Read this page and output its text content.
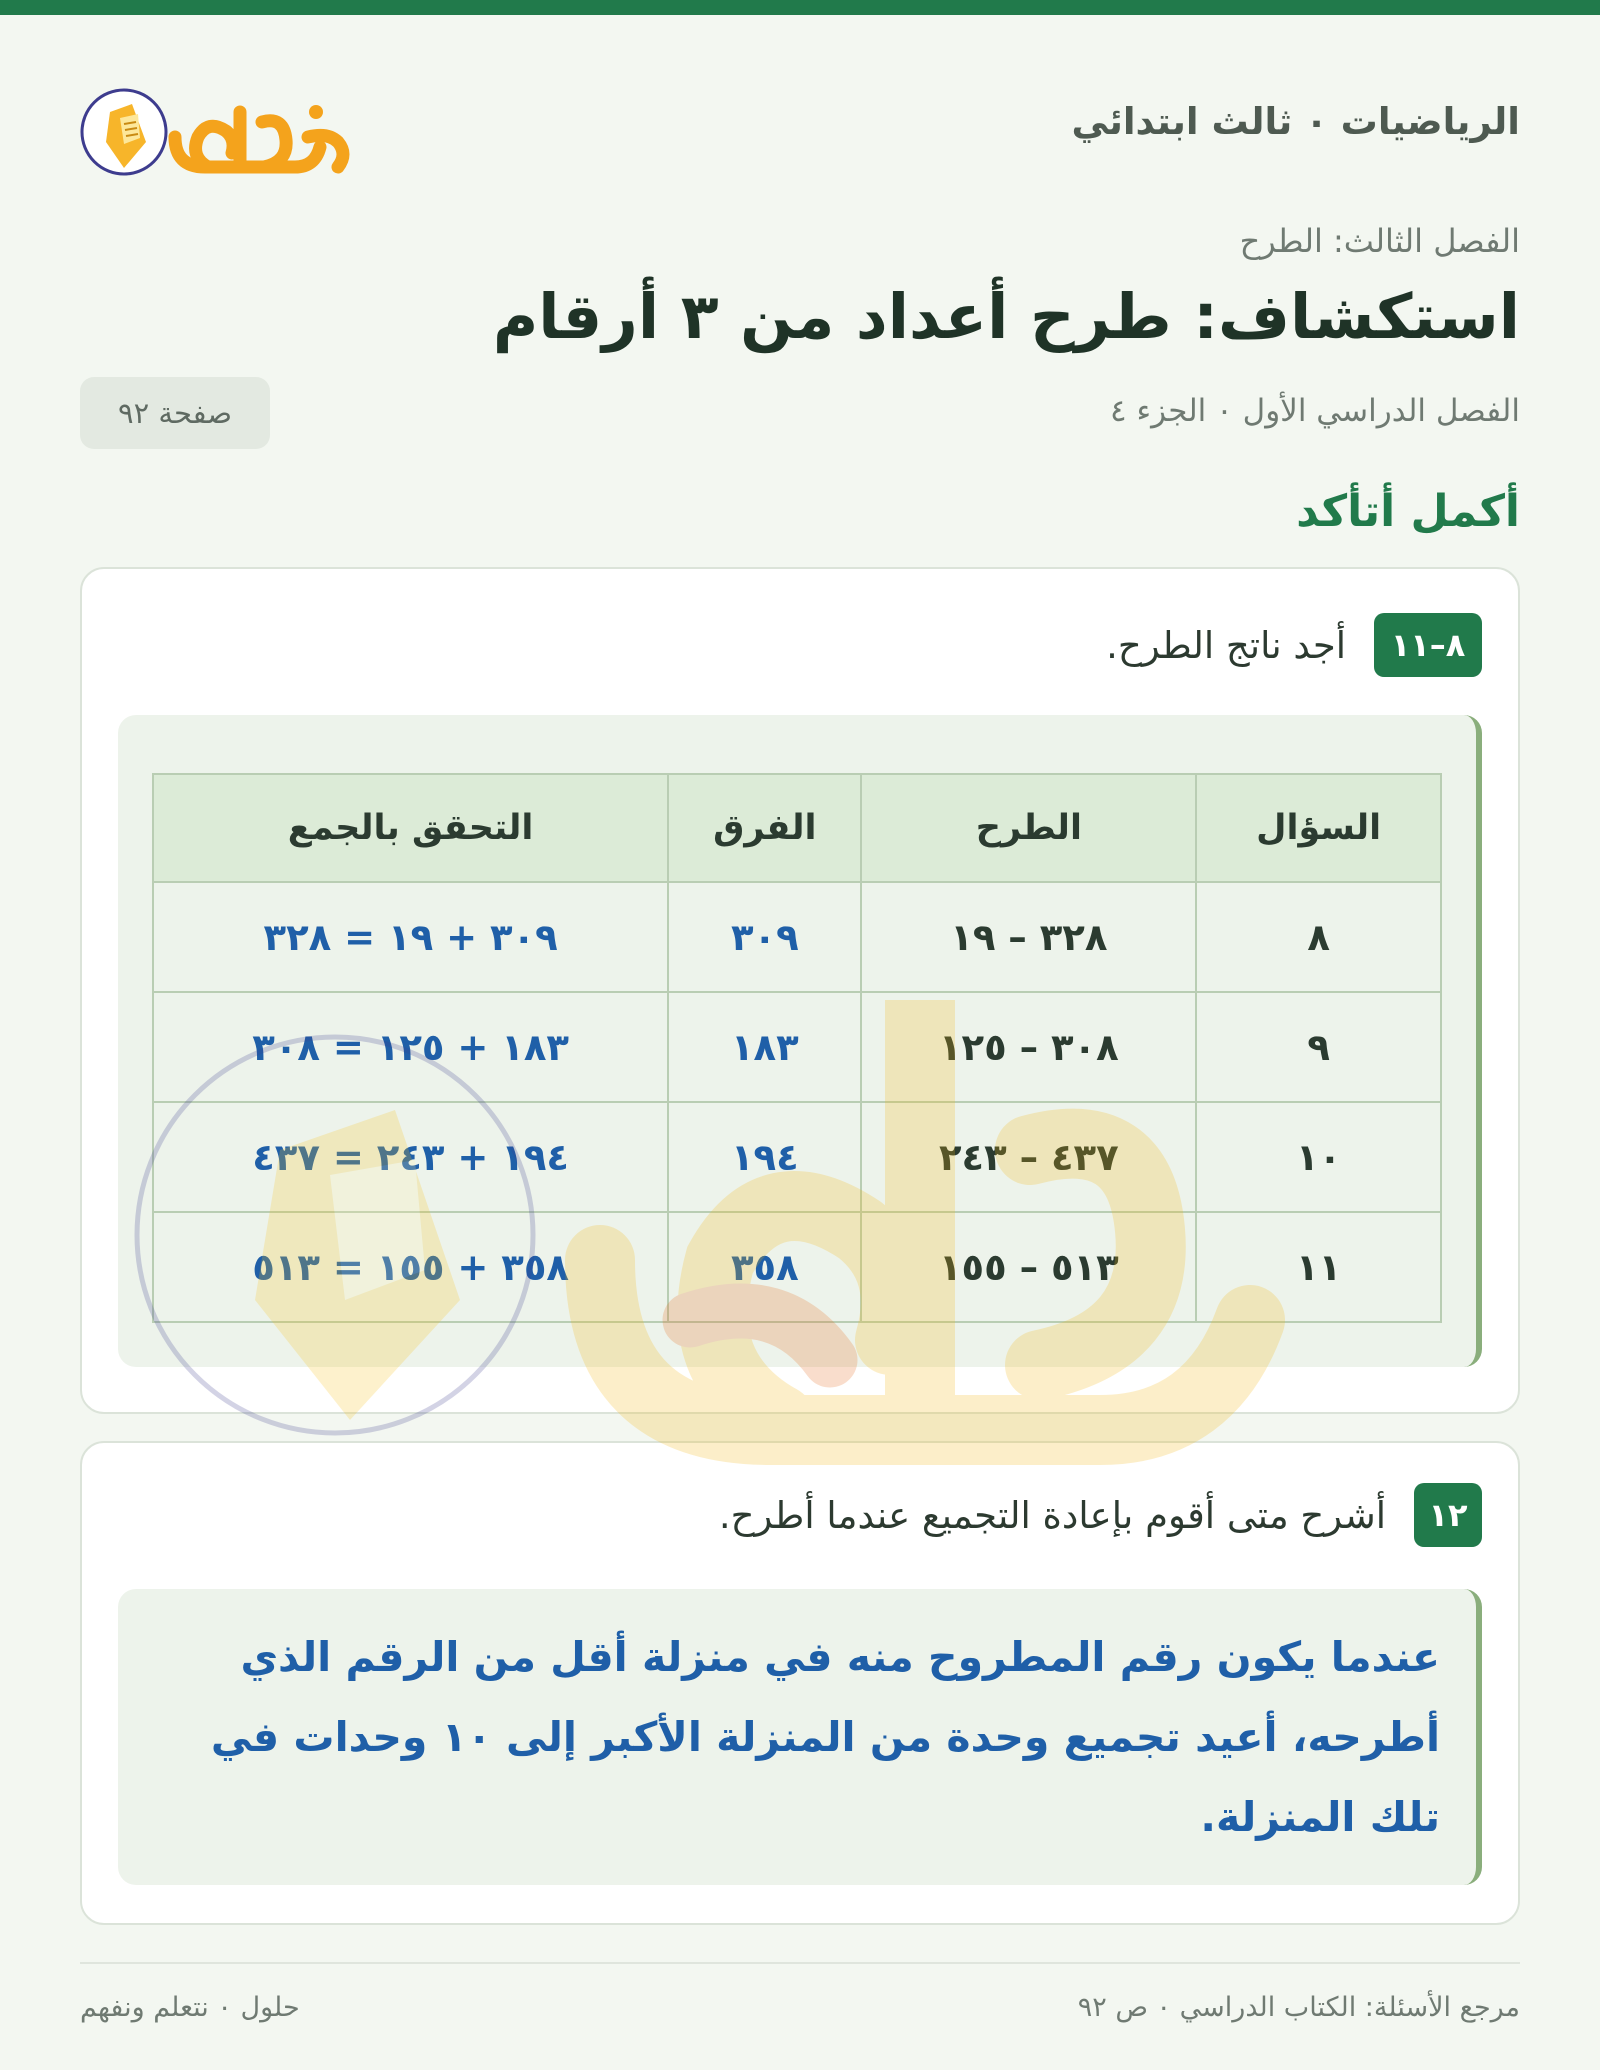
الرياضيات ٠ ثالث ابتدائي
الفصل الثالث: الطرح
استكشاف: طرح أعداد من ٣ أرقام
الفصل الدراسي الأول ٠ الجزء ٤
صفحة ٩٢
أكمل أتأكد
٨–١١
أجد ناتج الطرح.
السؤال	الطرح	الفرق	التحقق بالجمع
٨	٣٢٨ – ١٩	٣٠٩	٣٠٩ + ١٩ = ٣٢٨
٩	٣٠٨ – ١٢٥	١٨٣	١٨٣ + ١٢٥ = ٣٠٨
١٠	٤٣٧ – ٢٤٣	١٩٤	١٩٤ + ٢٤٣ = ٤٣٧
١١	٥١٣ – ١٥٥	٣٥٨	٣٥٨ + ١٥٥ = ٥١٣
١٢
أشرح متى أقوم بإعادة التجميع عندما أطرح.

عندما يكون رقم المطروح منه في منزلة أقل من الرقم الذي أطرحه، أعيد تجميع وحدة من المنزلة الأكبر إلى ١٠ وحدات في تلك المنزلة.

مرجع الأسئلة: الكتاب الدراسي ٠ ص ٩٢
حلول ٠ نتعلم ونفهم
